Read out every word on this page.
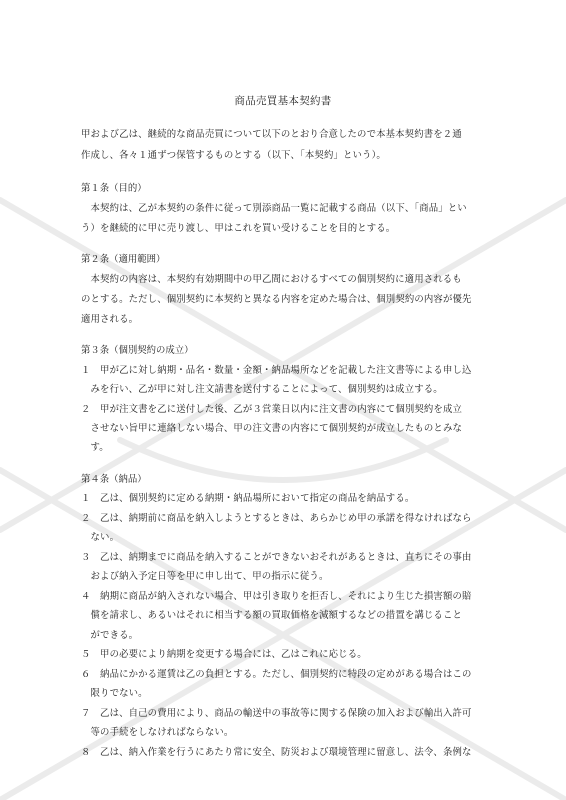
商品売買基本契約書
甲および乙は、継続的な商品売買について以下のとおり合意したので本基本契約書を２通
作成し、各々１通ずつ保管するものとする（以下、「本契約」という）。
第１条（目的）
　本契約は、乙が本契約の条件に従って別添商品一覧に記載する商品（以下、「商品」とい
う）を継続的に甲に売り渡し、甲はこれを買い受けることを目的とする。
第２条（適用範囲）
　本契約の内容は、本契約有効期間中の甲乙間におけるすべての個別契約に適用されるも
のとする。ただし、個別契約に本契約と異なる内容を定めた場合は、個別契約の内容が優先
適用される。
第３条（個別契約の成立）
１　甲が乙に対し納期・品名・数量・金額・納品場所などを記載した注文書等による申し込
　みを行い、乙が甲に対し注文請書を送付することによって、個別契約は成立する。
２　甲が注文書を乙に送付した後、乙が３営業日以内に注文書の内容にて個別契約を成立
　させない旨甲に連絡しない場合、甲の注文書の内容にて個別契約が成立したものとみな
　す。
第４条（納品）
１　乙は、個別契約に定める納期・納品場所において指定の商品を納品する。
２　乙は、納期前に商品を納入しようとするときは、あらかじめ甲の承諾を得なければなら
　ない。
３　乙は、納期までに商品を納入することができないおそれがあるときは、直ちにその事由
　および納入予定日等を甲に申し出て、甲の指示に従う。
４　納期に商品が納入されない場合、甲は引き取りを拒否し、それにより生じた損害額の賠
　償を請求し、あるいはそれに相当する額の買取価格を減額するなどの措置を講じること
　ができる。
５　甲の必要により納期を変更する場合には、乙はこれに応じる。
６　納品にかかる運賃は乙の負担とする。ただし、個別契約に特段の定めがある場合はこの
　限りでない。
７　乙は、自己の費用により、商品の輸送中の事故等に関する保険の加入および輸出入許可
　等の手続をしなければならない。
８　乙は、納入作業を行うにあたり常に安全、防災および環境管理に留意し、法令、条例な
